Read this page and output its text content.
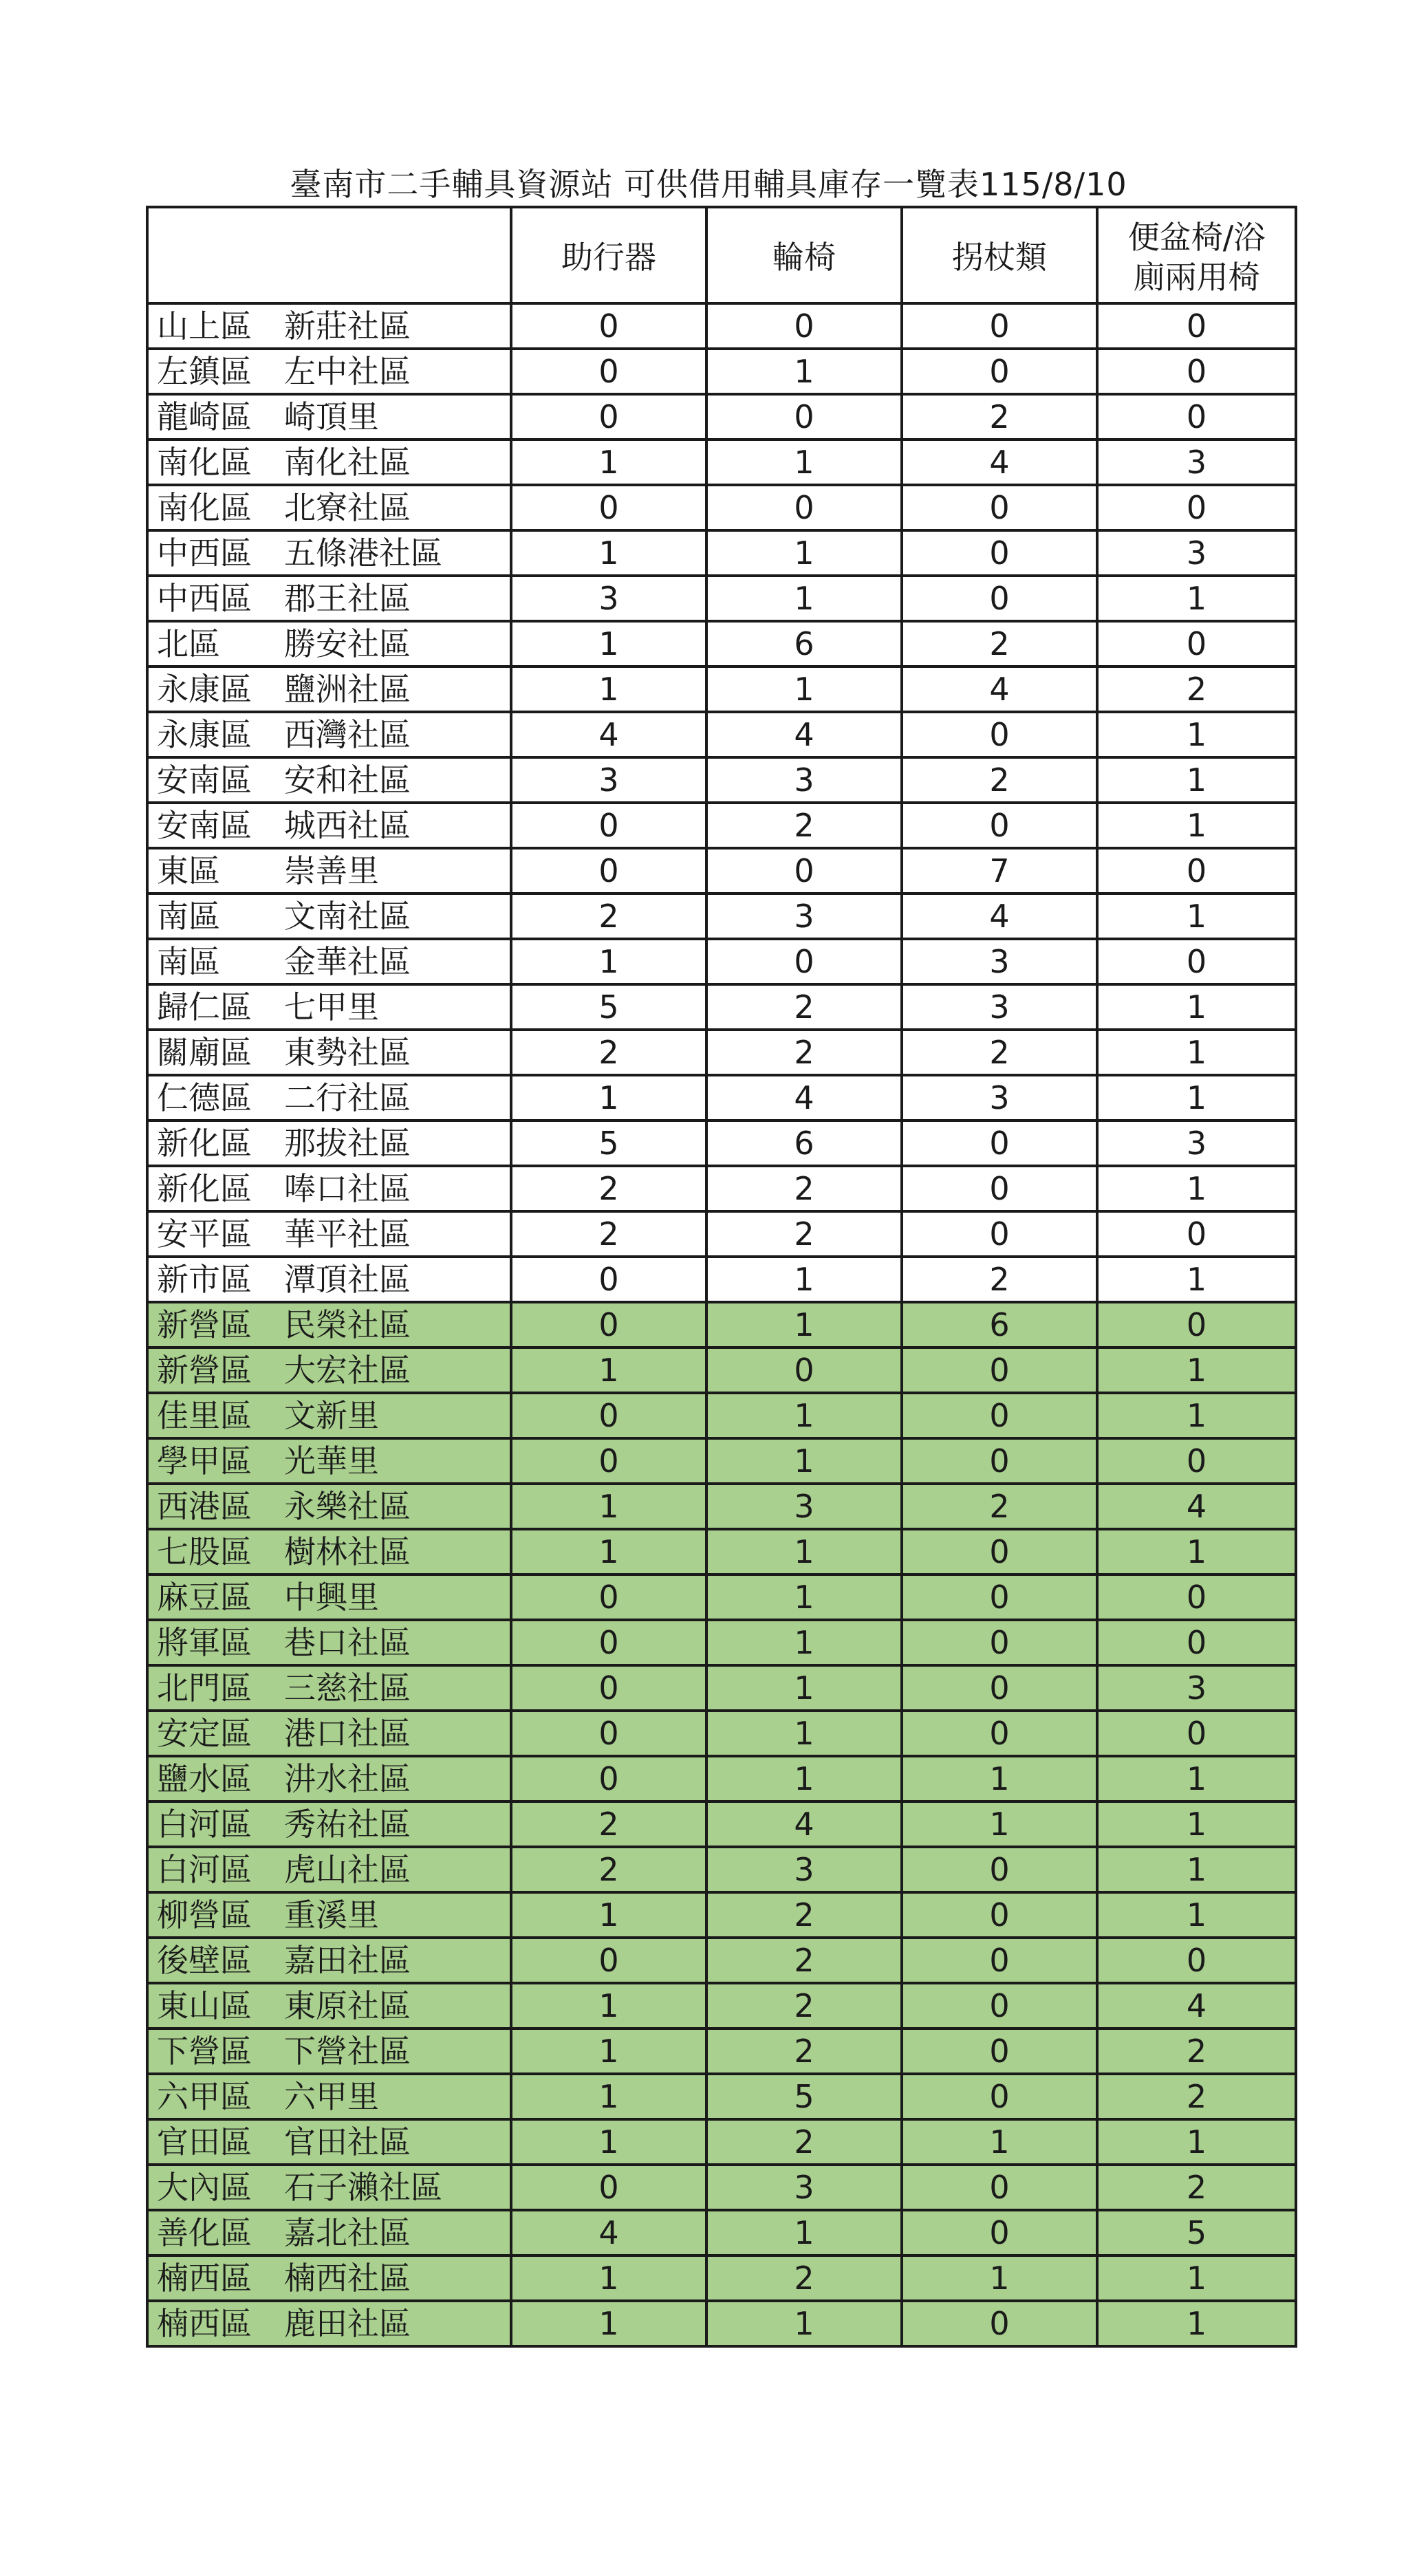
臺南市二手輔具資源站 可供借用輔具庫存一覽表115/8/10
	助行器	輪椅	拐杖類	便盆椅/浴
廁兩用椅
山上區 新莊社區	0	0	0	0
左鎮區 左中社區	0	1	0	0
龍崎區 崎頂里	0	0	2	0
南化區 南化社區	1	1	4	3
南化區 北寮社區	0	0	0	0
中西區 五條港社區	1	1	0	3
中西區 郡王社區	3	1	0	1
北區 勝安社區	1	6	2	0
永康區 鹽洲社區	1	1	4	2
永康區 西灣社區	4	4	0	1
安南區 安和社區	3	3	2	1
安南區 城西社區	0	2	0	1
東區 崇善里	0	0	7	0
南區 文南社區	2	3	4	1
南區 金華社區	1	0	3	0
歸仁區 七甲里	5	2	3	1
關廟區 東勢社區	2	2	2	1
仁德區 二行社區	1	4	3	1
新化區 那拔社區	5	6	0	3
新化區 唪口社區	2	2	0	1
安平區 華平社區	2	2	0	0
新市區 潭頂社區	0	1	2	1
新營區 民榮社區	0	1	6	0
新營區 大宏社區	1	0	0	1
佳里區 文新里	0	1	0	1
學甲區 光華里	0	1	0	0
西港區 永樂社區	1	3	2	4
七股區 樹林社區	1	1	0	1
麻豆區 中興里	0	1	0	0
將軍區 巷口社區	0	1	0	0
北門區 三慈社區	0	1	0	3
安定區 港口社區	0	1	0	0
鹽水區 汫水社區	0	1	1	1
白河區 秀祐社區	2	4	1	1
白河區 虎山社區	2	3	0	1
柳營區 重溪里	1	2	0	1
後壁區 嘉田社區	0	2	0	0
東山區 東原社區	1	2	0	4
下營區 下營社區	1	2	0	2
六甲區 六甲里	1	5	0	2
官田區 官田社區	1	2	1	1
大內區 石子瀨社區	0	3	0	2
善化區 嘉北社區	4	1	0	5
楠西區 楠西社區	1	2	1	1
楠西區 鹿田社區	1	1	0	1
